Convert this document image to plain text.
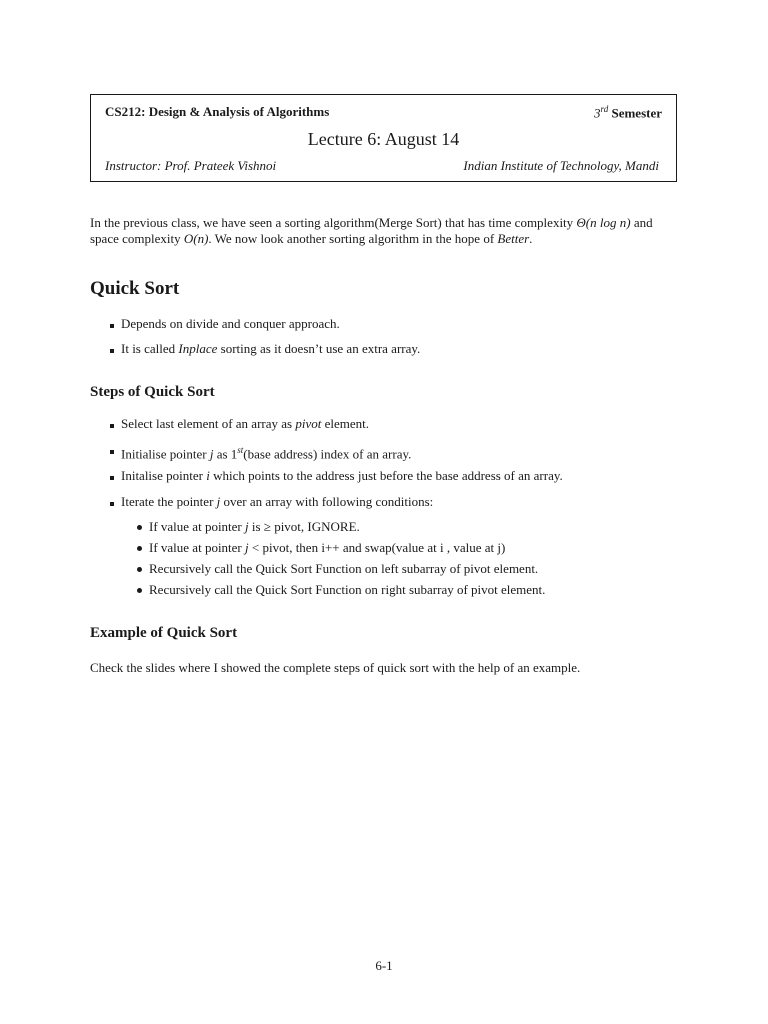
CS212: Design & Analysis of Algorithms	3rd Semester
Lecture 6: August 14
Instructor: Prof. Prateek Vishnoi	Indian Institute of Technology, Mandi

In the previous class, we have seen a sorting algorithm(Merge Sort) that has time complexity Θ(n log n) and

space complexity O(n). We now look another sorting algorithm in the hope of Better.

Quick Sort
Depends on divide and conquer approach.
It is called Inplace sorting as it doesn’t use an extra array.
Steps of Quick Sort
Select last element of an array as pivot element.
Initialise pointer j as 1st(base address) index of an array.
Initalise pointer i which points to the address just before the base address of an array.
Iterate the pointer j over an array with following conditions:
If value at pointer j is ≥ pivot, IGNORE.
If value at pointer j < pivot, then i++ and swap(value at i , value at j)
Recursively call the Quick Sort Function on left subarray of pivot element.
Recursively call the Quick Sort Function on right subarray of pivot element.
Example of Quick Sort
Check the slides where I showed the complete steps of quick sort with the help of an example.
6-1
